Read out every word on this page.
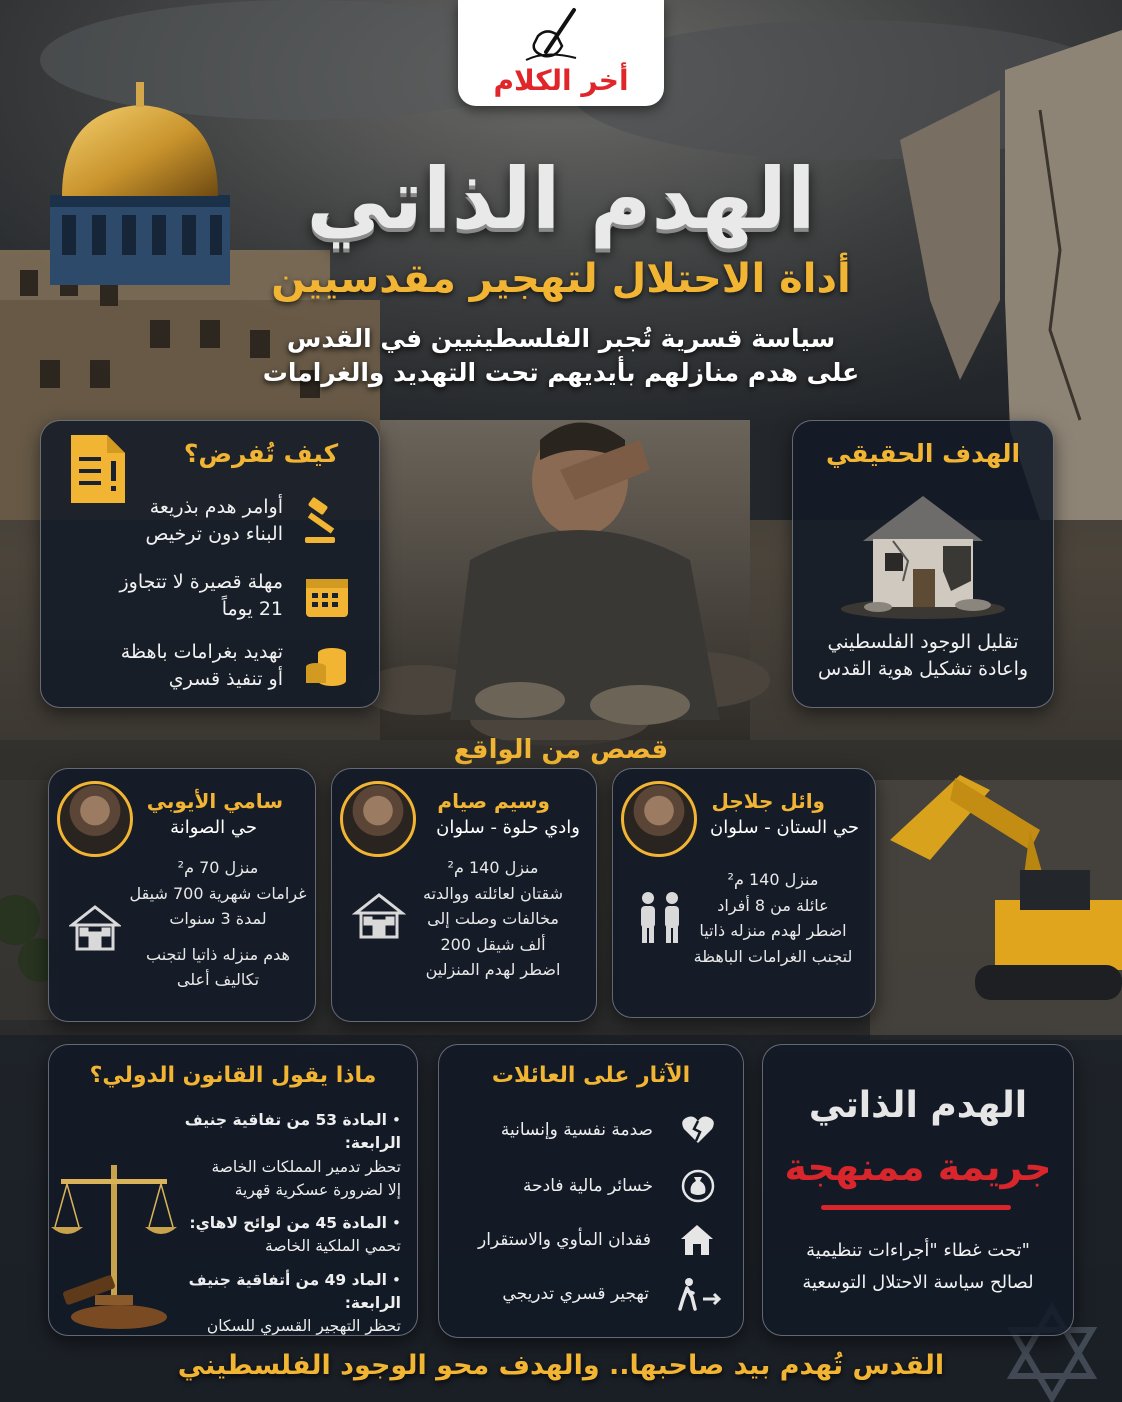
أخر الكلام
الهدم الذاتي
أداة الاحتلال لتهجير مقدسيين
سياسة قسرية تُجبر الفلسطينيين في القدس
على هدم منازلهم بأيديهم تحت التهديد والغرامات
كيف تُفرض؟
أوامر هدم بذريعة
البناء دون ترخيص
مهلة قصيرة لا تتجاوز
21 يوماً
تهديد بغرامات باهظة
أو تنفيذ قسري
الهدف الحقيقي
تقليل الوجود الفلسطيني
واعادة تشكيل هوية القدس
قصص من الواقع
وائل جلاجل
حي الستان - سلوان
منزل 140 م²
عائلة من 8 أفراد
اضطر لهدم منزله ذاتيا
لتجنب الغرامات الباهظة
وسيم صيام
وادي حلوة - سلوان
منزل 140 م²
شقتان لعائلته ووالدته
مخالفات وصلت إلى
200 ألف شيقل
اضطر لهدم المنزلين
سامي الأيوبي
حي الصوانة
منزل 70 م²
غرامات شهرية 700 شيقل
لمدة 3 سنوات
هدم منزله ذاتيا لتجنب
تكاليف أعلى
الهدم الذاتي
جريمة ممنهجة
تحت غطاء "أجراءات تنظيمية"
لصالح سياسة الاحتلال التوسعية
الآثار على العائلات
صدمة نفسية وإنسانية
خسائر مالية فادحة
فقدان المأوي والاستقرار
تهجير قسري تدريجي
ماذا يقول القانون الدولي؟
• المادة 53 من تفاقية جنيف الرابعة:
تحظر تدمير المملكات الخاصة
إلا لضرورة عسكرية قهرية
• المادة 45 من لوائح لاهاي:
تحمي الملكية الخاصة
• الماد 49 من أتفاقية جنيف الرابعة:
تحظر التهجير القسري للسكان
القدس تُهدم بيد صاحبها.. والهدف محو الوجود الفلسطيني
